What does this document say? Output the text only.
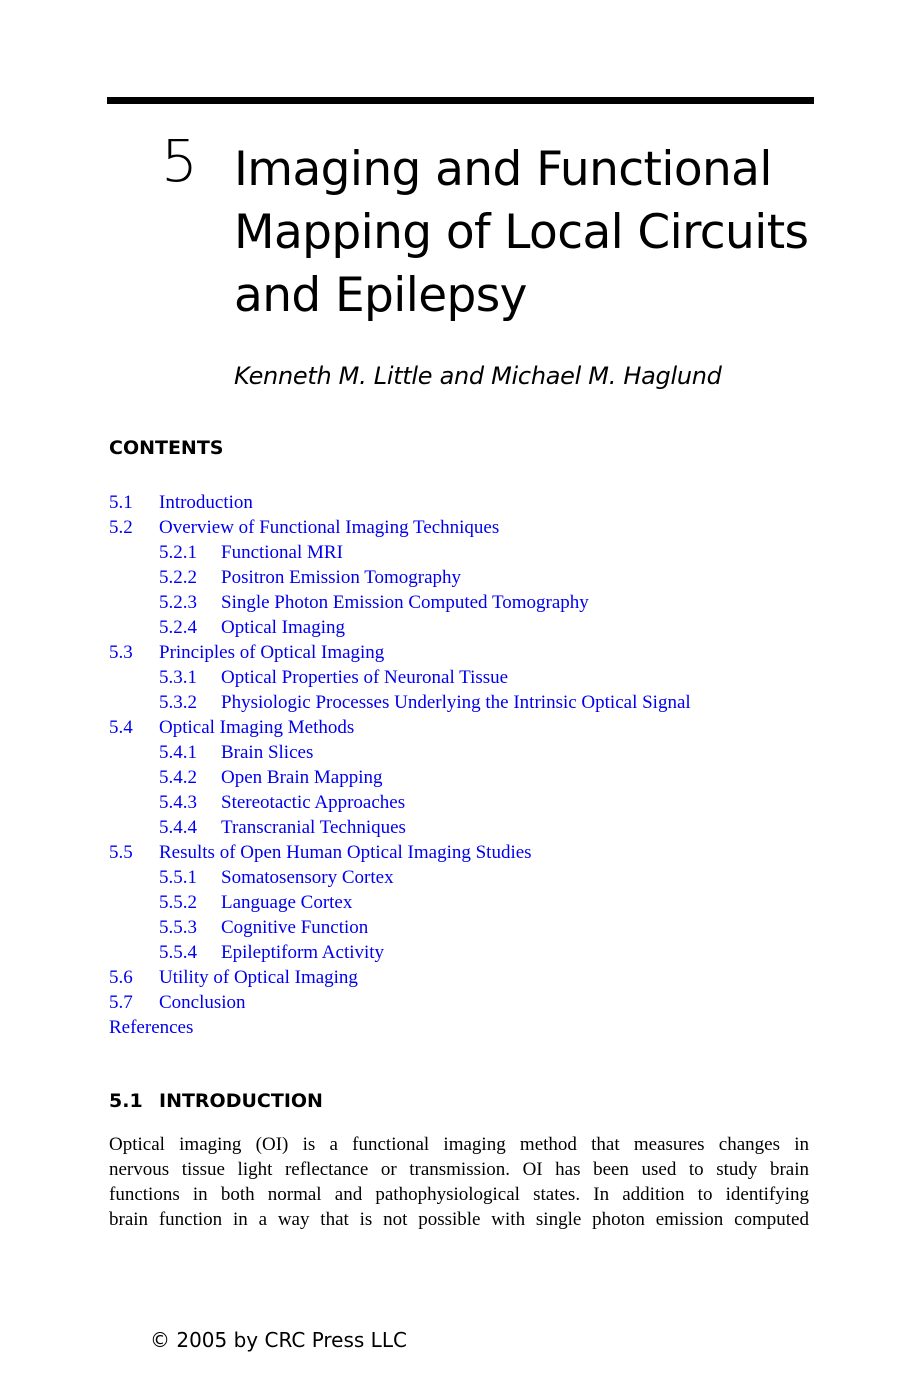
5 Imaging and Functional
Mapping of Local Circuits
and Epilepsy

Kenneth M. Little and Michael M. Haglund

CONTENTS
5.1 Introduction
5.2 Overview of Functional Imaging Techniques
5.2.1 Functional MRI
5.2.2 Positron Emission Tomography
5.2.3 Single Photon Emission Computed Tomography
5.2.4 Optical Imaging
5.3 Principles of Optical Imaging
5.3.1 Optical Properties of Neuronal Tissue
5.3.2 Physiologic Processes Underlying the Intrinsic Optical Signal
5.4 Optical Imaging Methods
5.4.1 Brain Slices
5.4.2 Open Brain Mapping
5.4.3 Stereotactic Approaches
5.4.4 Transcranial Techniques
5.5 Results of Open Human Optical Imaging Studies
5.5.1 Somatosensory Cortex
5.5.2 Language Cortex
5.5.3 Cognitive Function
5.5.4 Epileptiform Activity
5.6 Utility of Optical Imaging
5.7 Conclusion
References
5.1 INTRODUCTION
Optical imaging (OI) is a functional imaging method that measures changes in
nervous tissue light reflectance or transmission. OI has been used to study brain
functions in both normal and pathophysiological states. In addition to identifying
brain function in a way that is not possible with single photon emission computed

© 2005 by CRC Press LLC
